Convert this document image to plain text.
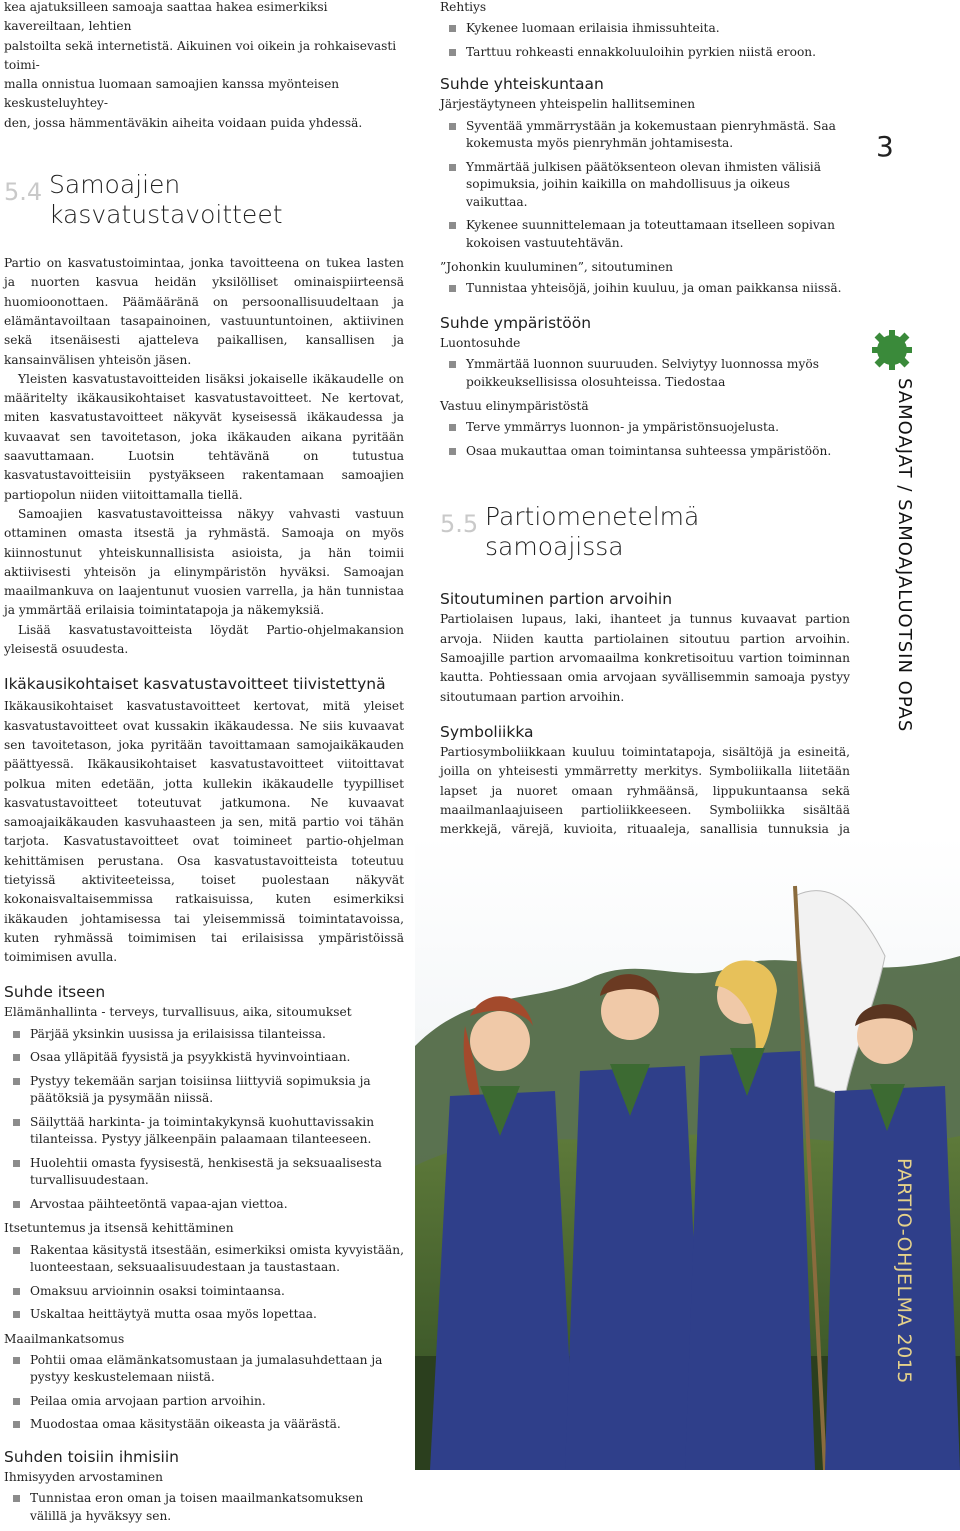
kea ajatuksilleen samoaja saattaa hakea esimerkiksi kavereiltaan, lehtien

palstoilta sekä internetistä. Aikuinen voi oikein ja rohkaisevasti toimi-

malla onnistua luomaan samoajien kanssa myönteisen keskusteluyhtey-

den, jossa hämmentäväkin aiheita voidaan puida yhdessä.

5.4 Samoajien
kasvatustavoitteet

Partio on kasvatustoimintaa, jonka tavoitteena on tukea lasten ja nuorten kasvua heidän yksilölliset ominaispiirteensä huomioonottaen. Päämääränä on persoonallisuudeltaan ja elämäntavoiltaan tasapainoinen, vastuuntuntoinen, aktiivinen sekä itsenäisesti ajatteleva paikallisen, kansallisen ja kansainvälisen yhteisön jäsen.

Yleisten kasvatustavoitteiden lisäksi jokaiselle ikäkaudelle on määritelty ikäkausikohtaiset kasvatustavoitteet. Ne kertovat, miten kasvatustavoitteet näkyvät kyseisessä ikäkaudessa ja kuvaavat sen tavoitetason, joka ikäkauden aikana pyritään saavuttamaan. Luotsin tehtävänä on tutustua kasvatustavoitteisiin pystyäkseen rakentamaan samoajien partiopolun niiden viitoittamalla tiellä.

Samoajien kasvatustavoitteissa näkyy vahvasti vastuun ottaminen omasta itsestä ja ryhmästä. Samoaja on myös kiinnostunut yhteiskunnallisista asioista, ja hän toimii aktiivisesti yhteisön ja elinympäristön hyväksi. Samoajan maailmankuva on laajentunut vuosien varrella, ja hän tunnistaa ja ymmärtää erilaisia toimintatapoja ja näkemyksiä.

Lisää kasvatustavoitteista löydät Partio-ohjelmakansion yleisestä osuudesta.

Ikäkausikohtaiset kasvatustavoitteet tiivistettynä

Ikäkausikohtaiset kasvatustavoitteet kertovat, mitä yleiset kasvatustavoitteet ovat kussakin ikäkaudessa. Ne siis kuvaavat sen tavoitetason, joka pyritään tavoittamaan samojaikäkauden päättyessä. Ikäkausikohtaiset kasvatustavoitteet viitoittavat polkua miten edetään, jotta kullekin ikäkaudelle tyypilliset kasvatustavoitteet toteutuvat jatkumona. Ne kuvaavat samoajaikäkauden kasvuhaasteen ja sen, mitä partio voi tähän tarjota. Kasvatustavoitteet ovat toimineet partio-ohjelman kehittämisen perustana. Osa kasvatustavoitteista toteutuu tietyissä aktiviteeteissa, toiset puolestaan näkyvät kokonaisvaltaisemmissa ratkaisuissa, kuten esimerkiksi ikäkauden johtamisessa tai yleisemmissä toimintatavoissa, kuten ryhmässä toimimisen tai erilaisissa ympäristöissä toimimisen avulla.

Suhde itseen
Elämänhallinta - terveys, turvallisuus, aika, sitoumukset
Pärjää yksinkin uusissa ja erilaisissa tilanteissa.
Osaa ylläpitää fyysistä ja psyykkistä hyvinvointiaan.
Pystyy tekemään sarjan toisiinsa liittyviä sopimuksia ja päätöksiä ja pysymään niissä.
Säilyttää harkinta- ja toimintakykynsä kuohuttavissakin tilanteissa. Pystyy jälkeenpäin palaamaan tilanteeseen.
Huolehtii omasta fyysisestä, henkisestä ja seksuaalisesta turvallisuudestaan.
Arvostaa päihteetöntä vapaa-ajan viettoa.
Itsetuntemus ja itsensä kehittäminen
Rakentaa käsitystä itsestään, esimerkiksi omista kyvyistään, luonteestaan, seksuaalisuudestaan ja taustastaan.
Omaksuu arvioinnin osaksi toimintaansa.
Uskaltaa heittäytyä mutta osaa myös lopettaa.
Maailmankatsomus
Pohtii omaa elämänkatsomustaan ja jumalasuhdettaan ja pystyy keskustelemaan niistä.
Peilaa omia arvojaan partion arvoihin.
Muodostaa omaa käsitystään oikeasta ja väärästä.
Suhden toisiin ihmisiin
Ihmisyyden arvostaminen
Tunnistaa eron oman ja toisen maailmankatsomuksen välillä ja hyväksyy sen.
Rehtiys
Kykenee luomaan erilaisia ihmissuhteita.
Tarttuu rohkeasti ennakkoluuloihin pyrkien niistä eroon.
Suhde yhteiskuntaan
Järjestäytyneen yhteispelin hallitseminen
Syventää ymmärrystään ja kokemustaan pienryhmästä. Saa kokemusta myös pienryhmän johtamisesta.
Ymmärtää julkisen päätöksenteon olevan ihmisten välisiä sopimuksia, joihin kaikilla on mahdollisuus ja oikeus vaikuttaa.
Kykenee suunnittelemaan ja toteuttamaan itselleen sopivan kokoisen vastuutehtävän.
”Johonkin kuuluminen”, sitoutuminen
Tunnistaa yhteisöjä, joihin kuuluu, ja oman paikkansa niissä.
Suhde ympäristöön
Luontosuhde
Ymmärtää luonnon suuruuden. Selviytyy luonnossa myös poikkeuksellisissa olosuhteissa. Tiedostaa
Vastuu elinympäristöstä
Terve ymmärrys luonnon- ja ympäristönsuojelusta.
Osaa mukauttaa oman toimintansa suhteessa ympäristöön.
5.5 Partiomenetelmä
samoajissa
Sitoutuminen partion arvoihin

Partiolaisen lupaus, laki, ihanteet ja tunnus kuvaavat partion arvoja. Niiden kautta partiolainen sitoutuu partion arvoihin. Samoajille partion arvomaailma konkretisoituu vartion toiminnan kautta. Pohtiessaan omia arvojaan syvällisemmin samoaja pystyy sitoutumaan partion arvoihin.

Symboliikka

Partiosymboliikkaan kuuluu toimintatapoja, sisältöjä ja esineitä, joilla on yhteisesti ymmärretty merkitys. Symboliikalla liitetään lapset ja nuoret omaan ryhmäänsä, lippukuntaansa sekä maailmanlaajuiseen partioliikkeeseen. Symboliikka sisältää merkkejä, värejä, kuvioita, rituaaleja, sanallisia tunnuksia ja

3
SAMOAJAT / SAMOAJALUOTSIN OPAS
PARTIO-OHJELMA 2015
